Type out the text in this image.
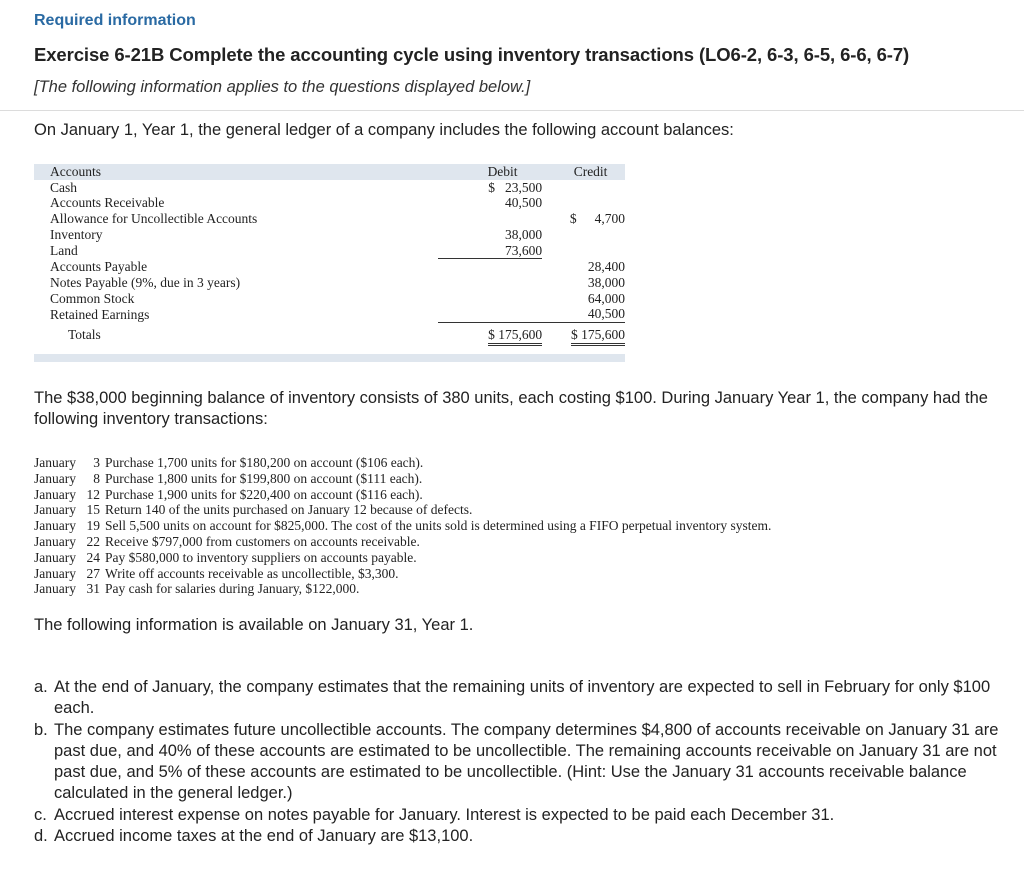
Required information
Exercise 6-21B Complete the accounting cycle using inventory transactions (LO6-2, 6-3, 6-5, 6-6, 6-7)
[The following information applies to the questions displayed below.]
On January 1, Year 1, the general ledger of a company includes the following account balances:
Accounts	Debit	Credit
Cash	$ 23,500	
Accounts Receivable	40,500	
Allowance for Uncollectible Accounts		$ 4,700
Inventory	38,000	
Land	73,600	
Accounts Payable		28,400
Notes Payable (9%, due in 3 years)		38,000
Common Stock		64,000
Retained Earnings		40,500
Totals	$ 175,600	$ 175,600
The $38,000 beginning balance of inventory consists of 380 units, each costing $100. During January Year 1, the company had the following inventory transactions:
January 3 Purchase 1,700 units for $180,200 on account ($106 each).
January 8 Purchase 1,800 units for $199,800 on account ($111 each).
January 12 Purchase 1,900 units for $220,400 on account ($116 each).
January 15 Return 140 of the units purchased on January 12 because of defects.
January 19 Sell 5,500 units on account for $825,000. The cost of the units sold is determined using a FIFO perpetual inventory system.
January 22 Receive $797,000 from customers on accounts receivable.
January 24 Pay $580,000 to inventory suppliers on accounts payable.
January 27 Write off accounts receivable as uncollectible, $3,300.
January 31 Pay cash for salaries during January, $122,000.
The following information is available on January 31, Year 1.
a. At the end of January, the company estimates that the remaining units of inventory are expected to sell in February for only $100 each.
b. The company estimates future uncollectible accounts. The company determines $4,800 of accounts receivable on January 31 are past due, and 40% of these accounts are estimated to be uncollectible. The remaining accounts receivable on January 31 are not past due, and 5% of these accounts are estimated to be uncollectible. (Hint: Use the January 31 accounts receivable balance calculated in the general ledger.)
c. Accrued interest expense on notes payable for January. Interest is expected to be paid each December 31.
d. Accrued income taxes at the end of January are $13,100.
